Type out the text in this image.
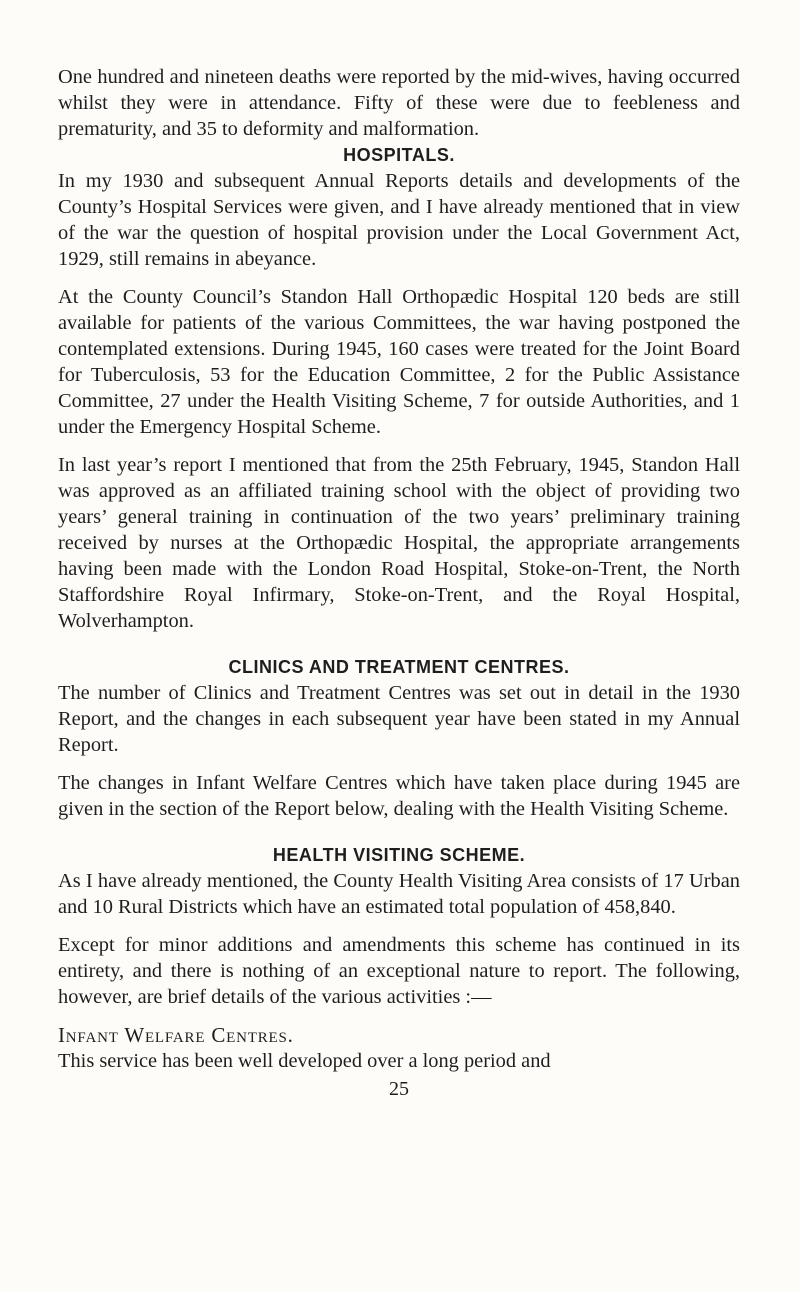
One hundred and nineteen deaths were reported by the mid-wives, having occurred whilst they were in attendance. Fifty of these were due to feebleness and prematurity, and 35 to deformity and malformation.

HOSPITALS.

In my 1930 and subsequent Annual Reports details and developments of the County’s Hospital Services were given, and I have already mentioned that in view of the war the question of hospital provision under the Local Government Act, 1929, still remains in abeyance.

At the County Council’s Standon Hall Orthopædic Hospital 120 beds are still available for patients of the various Committees, the war having postponed the contemplated extensions. During 1945, 160 cases were treated for the Joint Board for Tuberculosis, 53 for the Education Committee, 2 for the Public Assistance Committee, 27 under the Health Visiting Scheme, 7 for outside Authorities, and 1 under the Emergency Hospital Scheme.

In last year’s report I mentioned that from the 25th February, 1945, Standon Hall was approved as an affiliated training school with the object of providing two years’ general training in continuation of the two years’ preliminary training received by nurses at the Orthopædic Hospital, the appropriate arrangements having been made with the London Road Hospital, Stoke-on-Trent, the North Staffordshire Royal Infirmary, Stoke-on-Trent, and the Royal Hospital, Wolverhampton.

CLINICS AND TREATMENT CENTRES.

The number of Clinics and Treatment Centres was set out in detail in the 1930 Report, and the changes in each subsequent year have been stated in my Annual Report.

The changes in Infant Welfare Centres which have taken place during 1945 are given in the section of the Report below, dealing with the Health Visiting Scheme.

HEALTH VISITING SCHEME.

As I have already mentioned, the County Health Visiting Area consists of 17 Urban and 10 Rural Districts which have an estimated total population of 458,840.

Except for minor additions and amendments this scheme has continued in its entirety, and there is nothing of an exceptional nature to report. The following, however, are brief details of the various activities :—

Infant Welfare Centres.

This service has been well developed over a long period and

25
